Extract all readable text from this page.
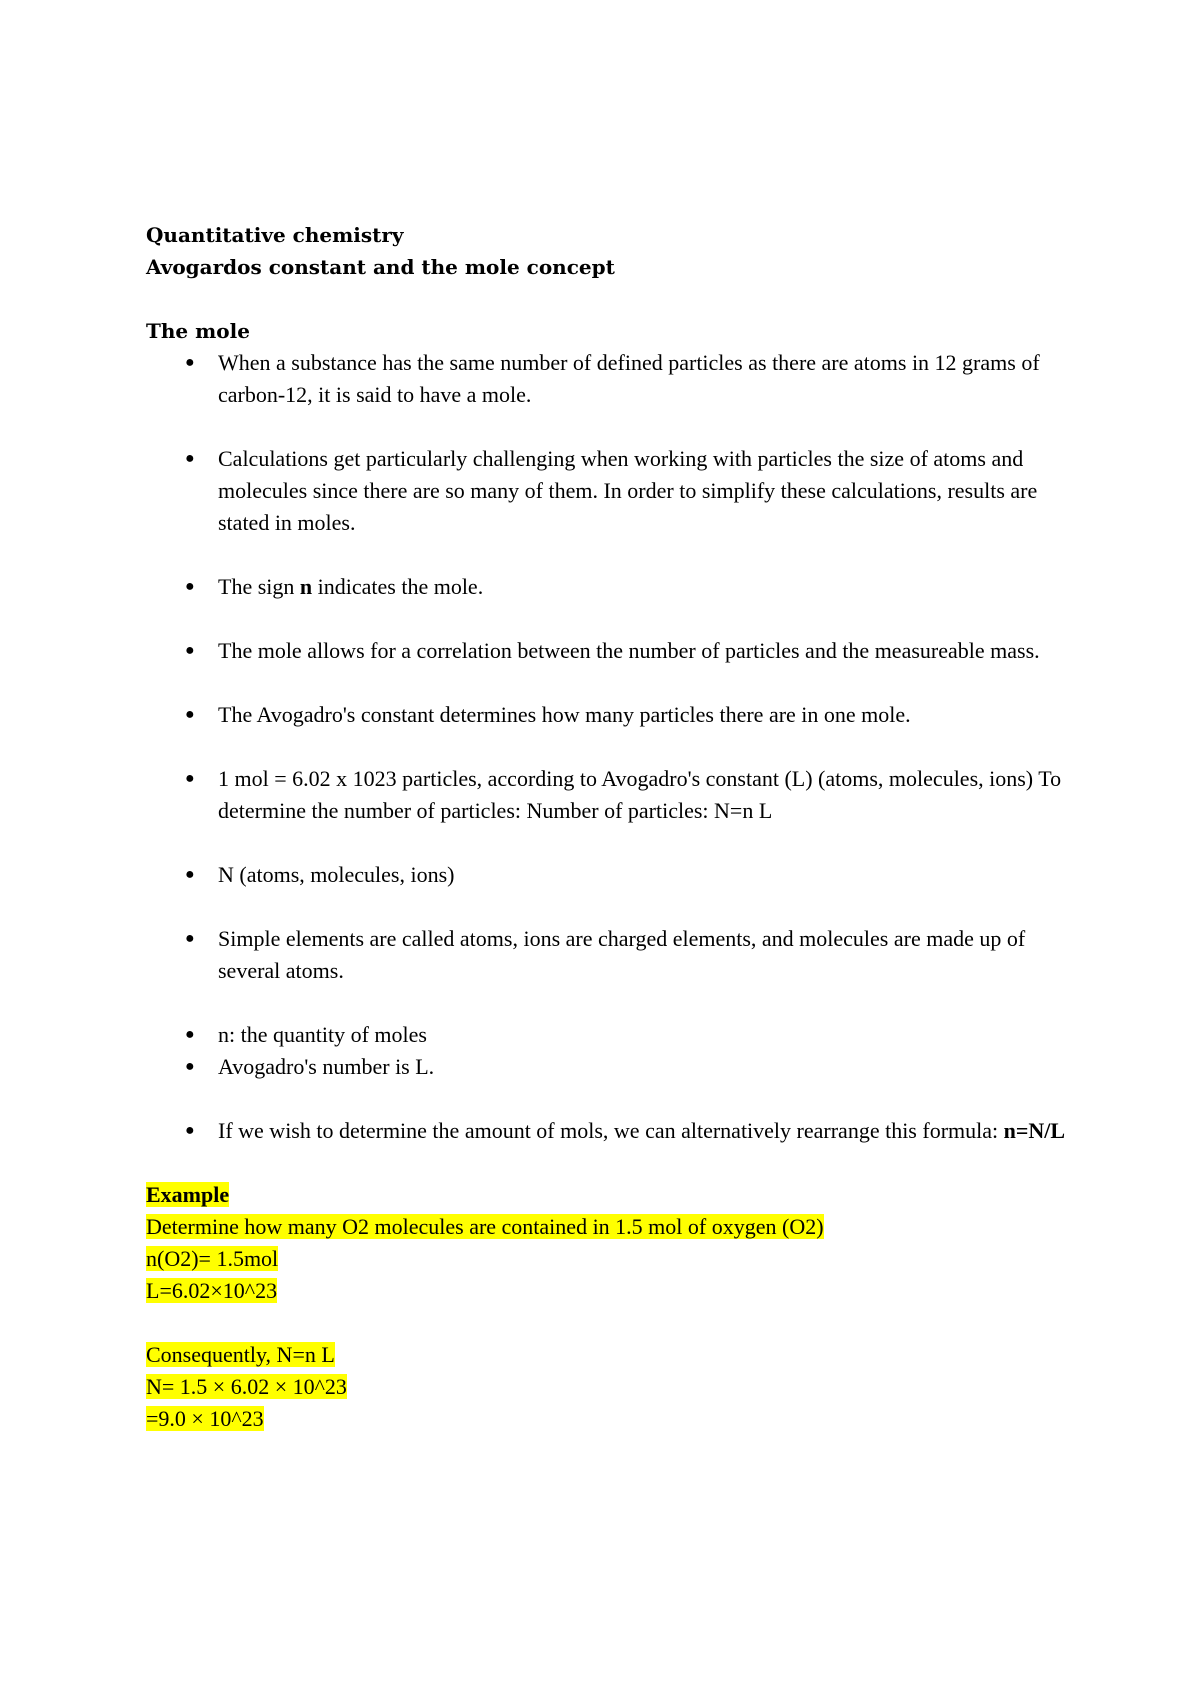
Quantitative chemistry

Avogardos constant and the mole concept

The mole

● When a substance has the same number of defined particles as there are atoms in 12 grams of carbon-12, it is said to have a mole.
● Calculations get particularly challenging when working with particles the size of atoms and molecules since there are so many of them. In order to simplify these calculations, results are stated in moles.
● The sign n indicates the mole.
● The mole allows for a correlation between the number of particles and the measureable mass.
● The Avogadro's constant determines how many particles there are in one mole.
● 1 mol = 6.02 x 1023 particles, according to Avogadro's constant (L) (atoms, molecules, ions) To determine the number of particles: Number of particles: N=n L
● N (atoms, molecules, ions)
● Simple elements are called atoms, ions are charged elements, and molecules are made up of several atoms.
● n: the quantity of moles
● Avogadro's number is L.
● If we wish to determine the amount of mols, we can alternatively rearrange this formula: n=N/L

Example

Determine how many O2 molecules are contained in 1.5 mol of oxygen (O2)

n(O2)= 1.5mol

L=6.02×10^23

Consequently, N=n L

N= 1.5 × 6.02 × 10^23

=9.0 × 10^23
